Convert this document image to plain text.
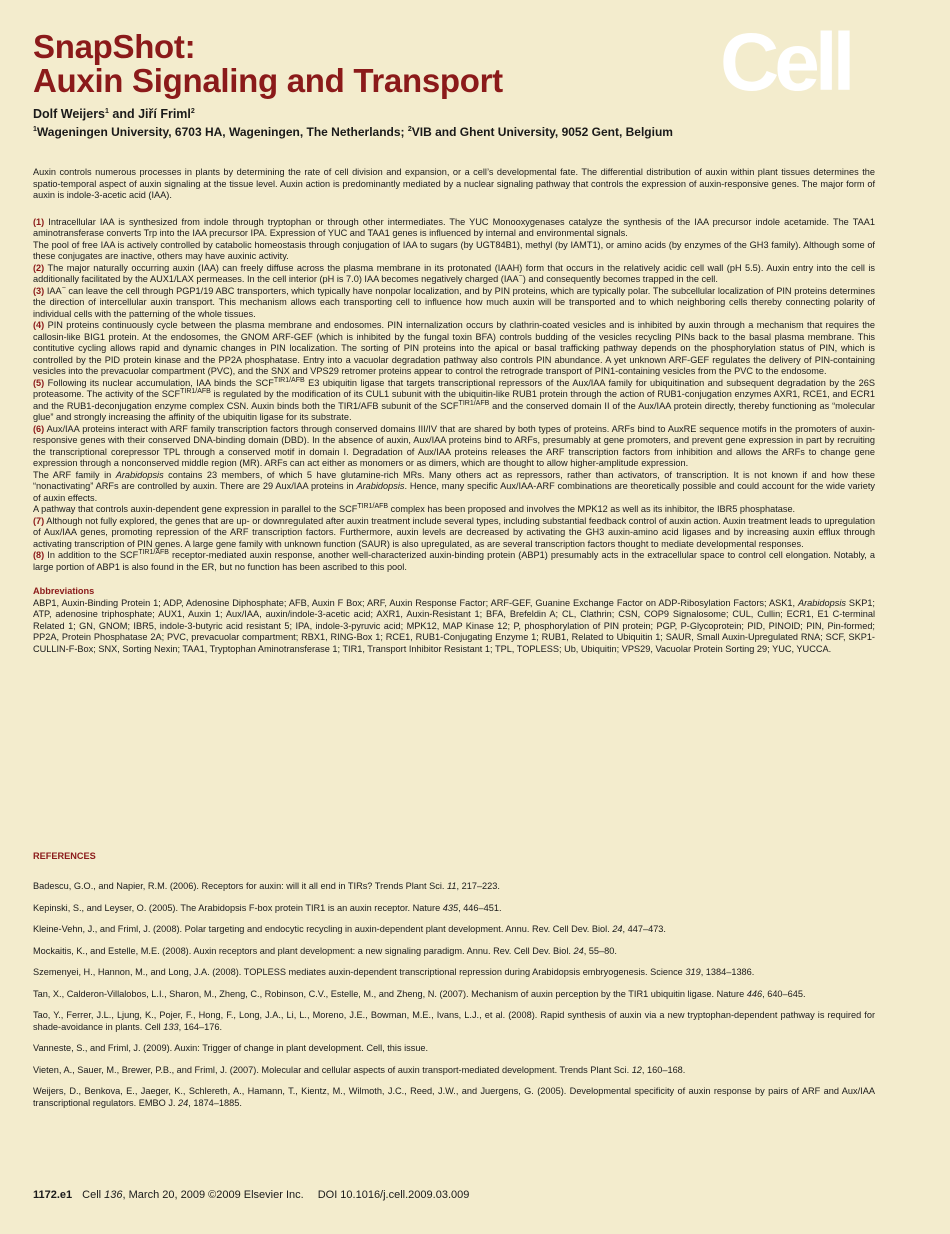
SnapShot:
Auxin Signaling and Transport	Cell
Dolf Weijers$^1$ and Jiří Friml$^2$
$^1$Wageningen University, 6703 HA, Wageningen, The Netherlands; $^2$VIB and Ghent University, 9052 Gent, Belgium

Auxin controls numerous processes in plants by determining the rate of cell division and expansion, or a cell’s developmental fate. The differential distribution of auxin within plant tissues determines the spatio-temporal aspect of auxin signaling at the tissue level. Auxin action is predominantly mediated by a nuclear signaling pathway that controls the expression of auxin-responsive genes. The major form of auxin is indole-3-acetic acid (IAA).

(1) Intracellular IAA is synthesized from indole through tryptophan or through other intermediates. The YUC Monooxygenases catalyze the synthesis of the IAA precursor indole acetamide. The TAA1 aminotransferase converts Trp into the IAA precursor IPA. Expression of YUC and TAA1 genes is influenced by internal and environmental signals.

The pool of free IAA is actively controlled by catabolic homeostasis through conjugation of IAA to sugars (by UGT84B1), methyl (by IAMT1), or amino acids (by enzymes of the GH3 family). Although some of these conjugates are inactive, others may have auxinic activity.

(2) The major naturally occurring auxin (IAA) can freely diffuse across the plasma membrane in its protonated (IAAH) form that occurs in the relatively acidic cell wall (pH 5.5). Auxin entry into the cell is additionally facilitated by the AUX1/LAX permeases. In the cell interior (pH is 7.0) IAA becomes negatively charged (IAA−) and consequently becomes trapped in the cell.

(3) IAA− can leave the cell through PGP1/19 ABC transporters, which typically have nonpolar localization, and by PIN proteins, which are typically polar. The subcellular localization of PIN proteins determines the direction of intercellular auxin transport. This mechanism allows each transporting cell to influence how much auxin will be transported and to which neighboring cells thereby connecting polarity of individual cells with the patterning of the whole tissues.

(4) PIN proteins continuously cycle between the plasma membrane and endosomes. PIN internalization occurs by clathrin-coated vesicles and is inhibited by auxin through a mechanism that requires the callosin-like BIG1 protein. At the endosomes, the GNOM ARF-GEF (which is inhibited by the fungal toxin BFA) controls budding of the vesicles recycling PINs back to the basal plasma membrane. This contitutive cycling allows rapid and dynamic changes in PIN localization. The sorting of PIN proteins into the apical or basal trafficking pathway depends on the phosphorylation status of PIN, which is controlled by the PID protein kinase and the PP2A phosphatase. Entry into a vacuolar degradation pathway also controls PIN abundance. A yet unknown ARF-GEF regulates the delivery of PIN-containing vesicles into the prevacuolar compartment (PVC), and the SNX and VPS29 retromer proteins appear to control the retrograde transport of PIN1-containing vesicles from the PVC to the endosome.

(5) Following its nuclear accumulation, IAA binds the $SCF^{TIR1/AFB}$ E3 ubiquitin ligase that targets transcriptional repressors of the Aux/IAA family for ubiquitination and subsequent degradation by the 26S proteasome. The activity of the $SCF^{TIR1/AFB}$ is regulated by the modification of its CUL1 subunit with the ubiquitin-like RUB1 protein through the action of RUB1-conjugation enzymes AXR1, RCE1, and ECR1 and the RUB1-deconjugation enzyme complex CSN. Auxin binds both the TIR1/AFB subunit of the $SCF^{TIR1/AFB}$ and the conserved domain II of the Aux/IAA protein directly, thereby functioning as “molecular glue” and strongly increasing the affinity of the ubiquitin ligase for its substrate.

(6) Aux/IAA proteins interact with ARF family transcription factors through conserved domains III/IV that are shared by both types of proteins. ARFs bind to AuxRE sequence motifs in the promoters of auxin-responsive genes with their conserved DNA-binding domain (DBD). In the absence of auxin, Aux/IAA proteins bind to ARFs, presumably at gene promoters, and prevent gene expression in part by recruiting the transcriptional corepressor TPL through a conserved motif in domain I. Degradation of Aux/IAA proteins releases the ARF transcription factors from inhibition and allows the ARFs to change gene expression through a nonconserved middle region (MR). ARFs can act either as monomers or as dimers, which are thought to allow higher-amplitude expression.

The ARF family in Arabidopsis contains 23 members, of which 5 have glutamine-rich MRs. Many others act as repressors, rather than activators, of transcription. It is not known if and how these “nonactivating” ARFs are controlled by auxin. There are 29 Aux/IAA proteins in Arabidopsis. Hence, many specific Aux/IAA-ARF combinations are theoretically possible and could account for the wide variety of auxin effects.

A pathway that controls auxin-dependent gene expression in parallel to the $SCF^{TIR1/AFB}$ complex has been proposed and involves the MPK12 as well as its inhibitor, the IBR5 phosphatase.

(7) Although not fully explored, the genes that are up- or downregulated after auxin treatment include several types, including substantial feedback control of auxin action. Auxin treatment leads to upregulation of Aux/IAA genes, promoting repression of the ARF transcription factors. Furthermore, auxin levels are decreased by activating the GH3 auxin-amino acid ligases and by increasing auxin efflux through activating transcription of PIN genes. A large gene family with unknown function (SAUR) is also upregulated, as are several transcription factors thought to mediate developmental responses.

(8) In addition to the $SCF^{TIR1/AFB}$ receptor-mediated auxin response, another well-characterized auxin-binding protein (ABP1) presumably acts in the extracellular space to control cell elongation. Notably, a large portion of ABP1 is also found in the ER, but no function has been ascribed to this pool.

Abbreviations

ABP1, Auxin-Binding Protein 1; ADP, Adenosine Diphosphate; AFB, Auxin F Box; ARF, Auxin Response Factor; ARF-GEF, Guanine Exchange Factor on ADP-Ribosylation Factors; ASK1, Arabidopsis SKP1; ATP, adenosine triphosphate; AUX1, Auxin 1; Aux/IAA, auxin/indole-3-acetic acid; AXR1, Auxin-Resistant 1; BFA, Brefeldin A; CL, Clathrin; CSN, COP9 Signalosome; CUL, Cullin; ECR1, E1 C-terminal Related 1; GN, GNOM; IBR5, indole-3-butyric acid resistant 5; IPA, indole-3-pyruvic acid; MPK12, MAP Kinase 12; P, phosphorylation of PIN protein; PGP, P-Glycoprotein; PID, PINOID; PIN, Pin-formed; PP2A, Protein Phosphatase 2A; PVC, prevacuolar compartment; RBX1, RING-Box 1; RCE1, RUB1-Conjugating Enzyme 1; RUB1, Related to Ubiquitin 1; SAUR, Small Auxin-Upregulated RNA; SCF, SKP1-CULLIN-F-Box; SNX, Sorting Nexin; TAA1, Tryptophan Aminotransferase 1; TIR1, Transport Inhibitor Resistant 1; TPL, TOPLESS; Ub, Ubiquitin; VPS29, Vacuolar Protein Sorting 29; YUC, YUCCA.

REFERENCES

Badescu, G.O., and Napier, R.M. (2006). Receptors for auxin: will it all end in TIRs? Trends Plant Sci. 11, 217–223.

Kepinski, S., and Leyser, O. (2005). The Arabidopsis F-box protein TIR1 is an auxin receptor. Nature 435, 446–451.

Kleine-Vehn, J., and Friml, J. (2008). Polar targeting and endocytic recycling in auxin-dependent plant development. Annu. Rev. Cell Dev. Biol. 24, 447–473.

Mockaitis, K., and Estelle, M.E. (2008). Auxin receptors and plant development: a new signaling paradigm. Annu. Rev. Cell Dev. Biol. 24, 55–80.

Szemenyei, H., Hannon, M., and Long, J.A. (2008). TOPLESS mediates auxin-dependent transcriptional repression during Arabidopsis embryogenesis. Science 319, 1384–1386.

Tan, X., Calderon-Villalobos, L.I., Sharon, M., Zheng, C., Robinson, C.V., Estelle, M., and Zheng, N. (2007). Mechanism of auxin perception by the TIR1 ubiquitin ligase. Nature 446, 640–645.

Tao, Y., Ferrer, J.L., Ljung, K., Pojer, F., Hong, F., Long, J.A., Li, L., Moreno, J.E., Bowman, M.E., Ivans, L.J., et al. (2008). Rapid synthesis of auxin via a new tryptophan-dependent pathway is required for shade-avoidance in plants. Cell 133, 164–176.

Vanneste, S., and Friml, J. (2009). Auxin: Trigger of change in plant development. Cell, this issue.

Vieten, A., Sauer, M., Brewer, P.B., and Friml, J. (2007). Molecular and cellular aspects of auxin transport-mediated development. Trends Plant Sci. 12, 160–168.

Weijers, D., Benkova, E., Jaeger, K., Schlereth, A., Hamann, T., Kientz, M., Wilmoth, J.C., Reed, J.W., and Juergens, G. (2005). Developmental specificity of auxin response by pairs of ARF and Aux/IAA transcriptional regulators. EMBO J. 24, 1874–1885.

1172.e1 Cell 136, March 20, 2009 ©2009 Elsevier Inc. DOI 10.1016/j.cell.2009.03.009
